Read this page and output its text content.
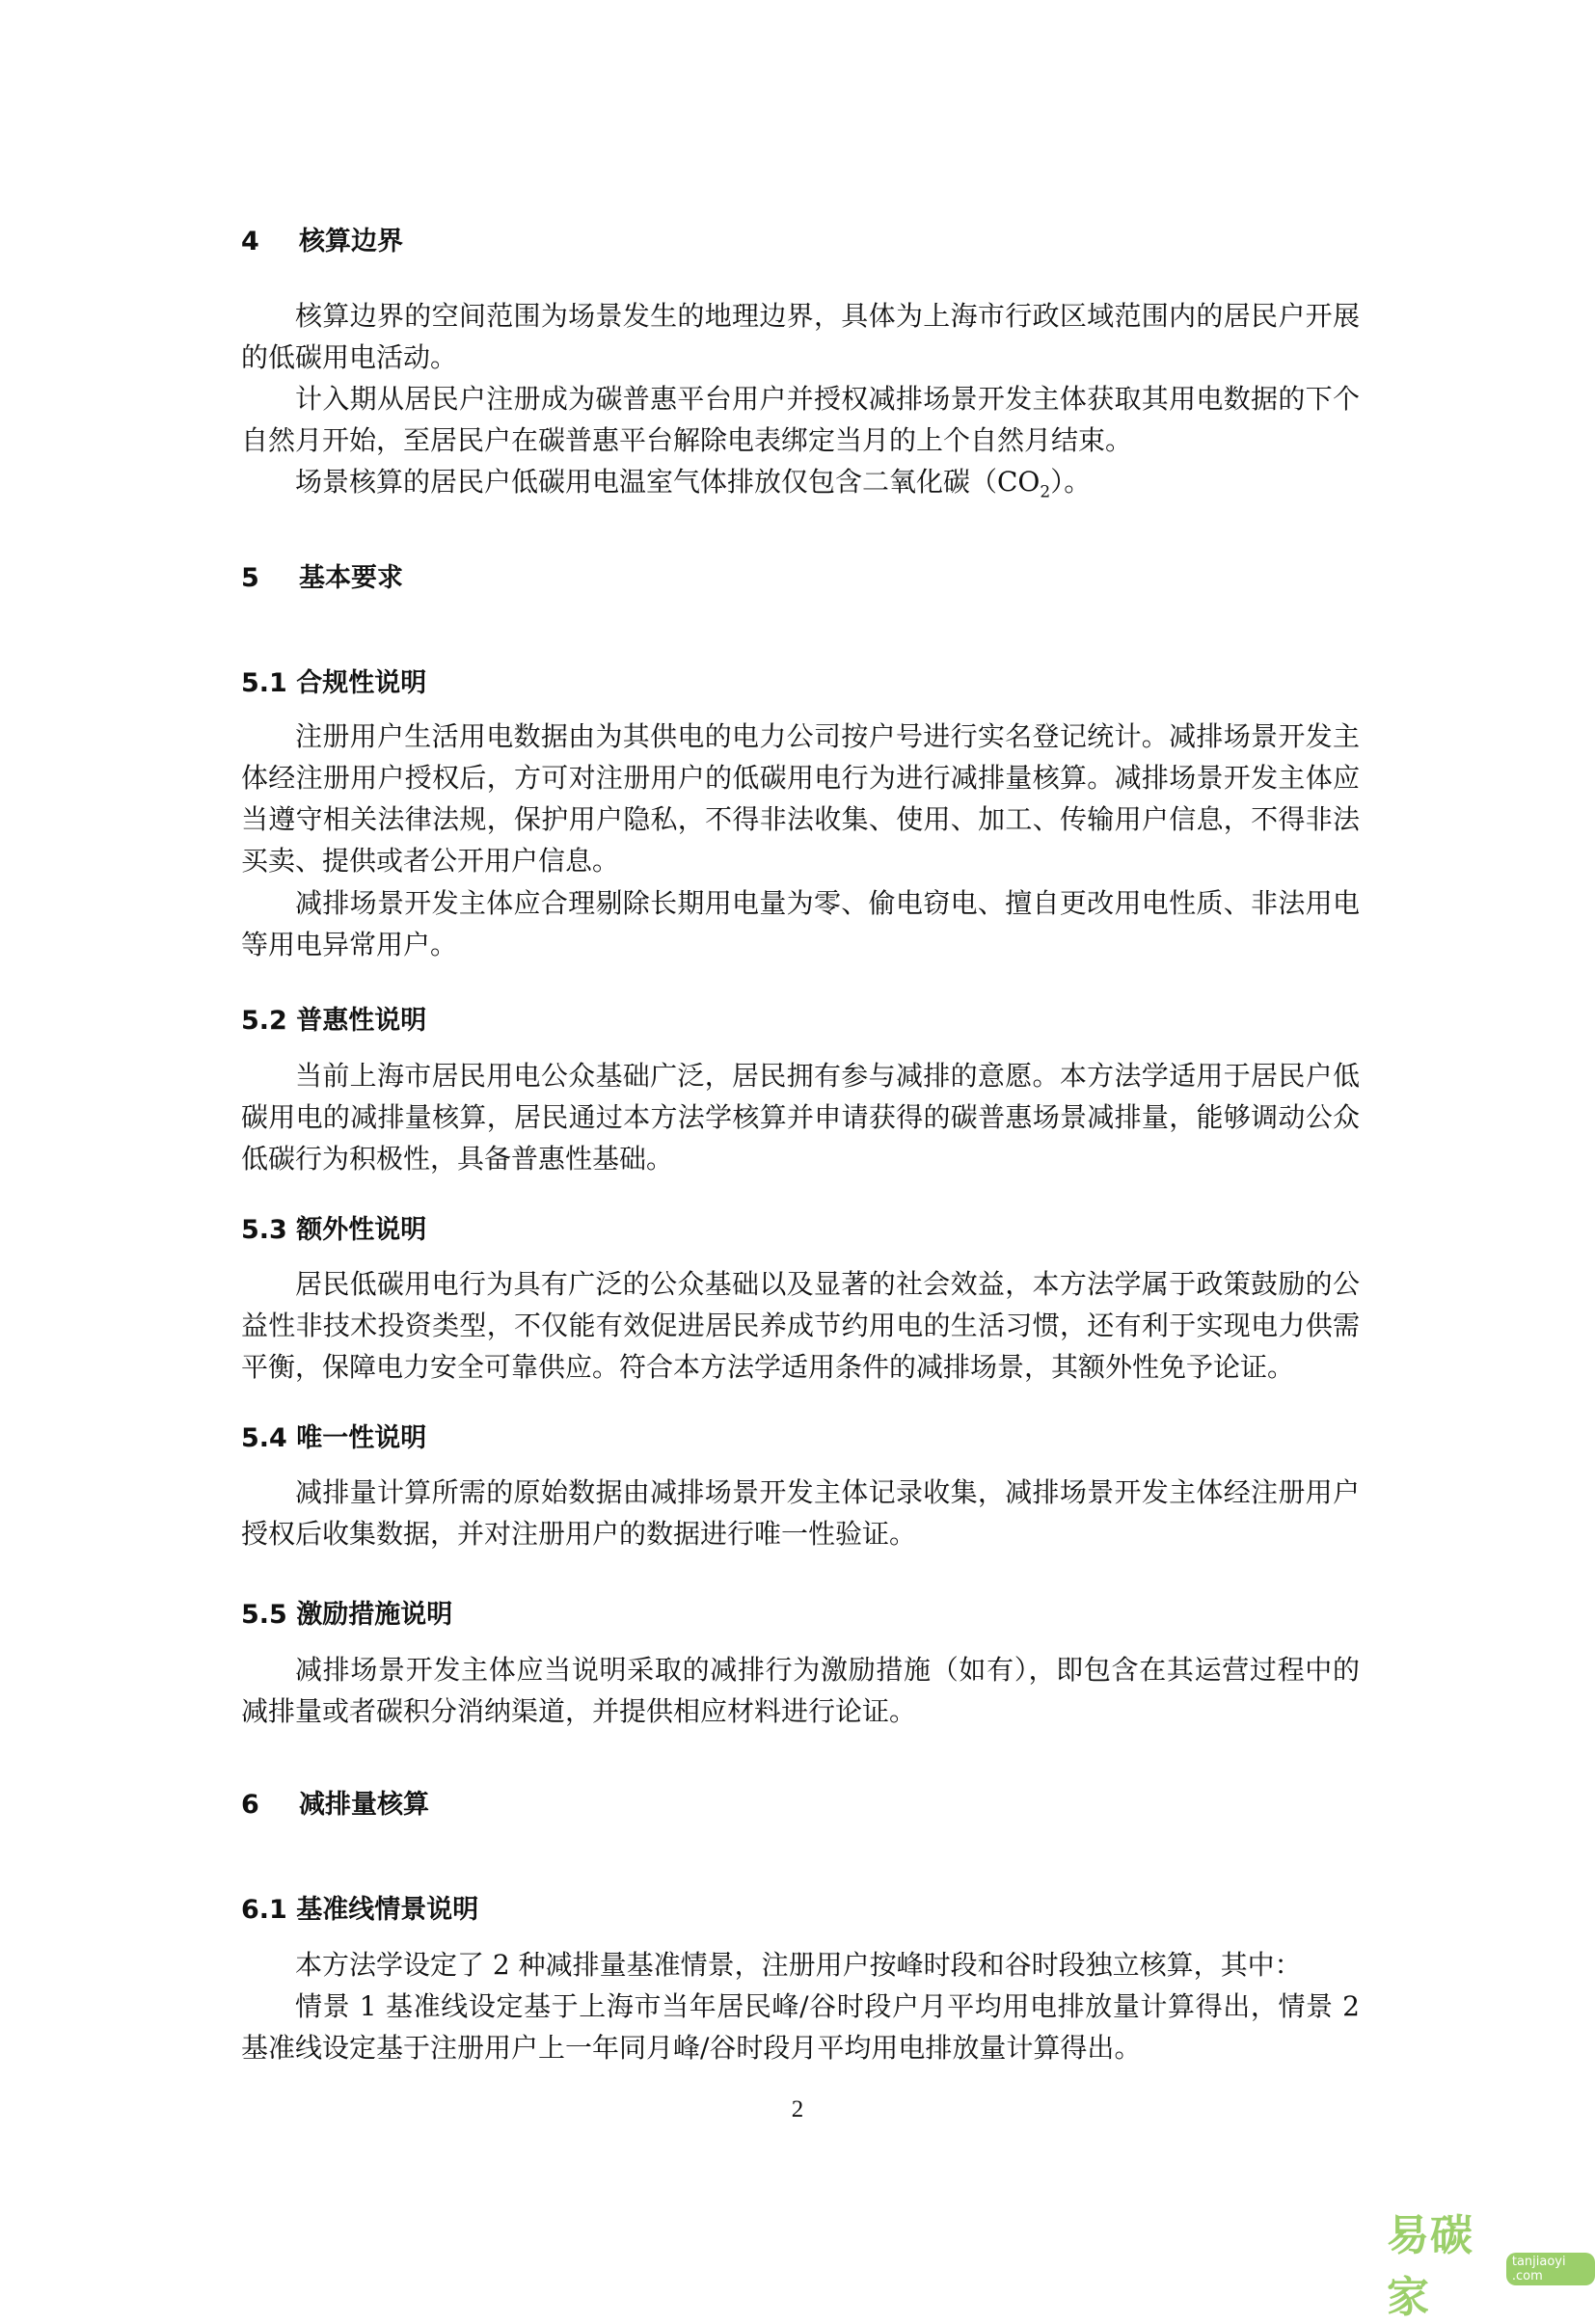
4 核算边界

核算边界的空间范围为场景发生的地理边界，具体为上海市行政区域范围内的居民户开展的低碳用电活动。

计入期从居民户注册成为碳普惠平台用户并授权减排场景开发主体获取其用电数据的下个自然月开始，至居民户在碳普惠平台解除电表绑定当月的上个自然月结束。

场景核算的居民户低碳用电温室气体排放仅包含二氧化碳$(CO_2)$。

5 基本要求
5.1 合规性说明

注册用户生活用电数据由为其供电的电力公司按户号进行实名登记统计。减排场景开发主体经注册用户授权后，方可对注册用户的低碳用电行为进行减排量核算。减排场景开发主体应当遵守相关法律法规，保护用户隐私，不得非法收集、使用、加工、传输用户信息，不得非法买卖、提供或者公开用户信息。

减排场景开发主体应合理剔除长期用电量为零、偷电窃电、擅自更改用电性质、非法用电等用电异常用户。

5.2 普惠性说明

当前上海市居民用电公众基础广泛，居民拥有参与减排的意愿。本方法学适用于居民户低碳用电的减排量核算，居民通过本方法学核算并申请获得的碳普惠场景减排量，能够调动公众低碳行为积极性，具备普惠性基础。

5.3 额外性说明

居民低碳用电行为具有广泛的公众基础以及显著的社会效益，本方法学属于政策鼓励的公益性非技术投资类型，不仅能有效促进居民养成节约用电的生活习惯，还有利于实现电力供需平衡，保障电力安全可靠供应。符合本方法学适用条件的减排场景，其额外性免予论证。

5.4 唯一性说明

减排量计算所需的原始数据由减排场景开发主体记录收集，减排场景开发主体经注册用户授权后收集数据，并对注册用户的数据进行唯一性验证。

5.5 激励措施说明

减排场景开发主体应当说明采取的减排行为激励措施（如有），即包含在其运营过程中的减排量或者碳积分消纳渠道，并提供相应材料进行论证。

6 减排量核算
6.1 基准线情景说明

本方法学设定了 2 种减排量基准情景，注册用户按峰时段和谷时段独立核算，其中：

情景 1 基准线设定基于上海市当年居民峰/谷时段户月平均用电排放量计算得出，情景 2 基准线设定基于注册用户上一年同月峰/谷时段月平均用电排放量计算得出。

2
易碳家
tanjiaoyi .com
